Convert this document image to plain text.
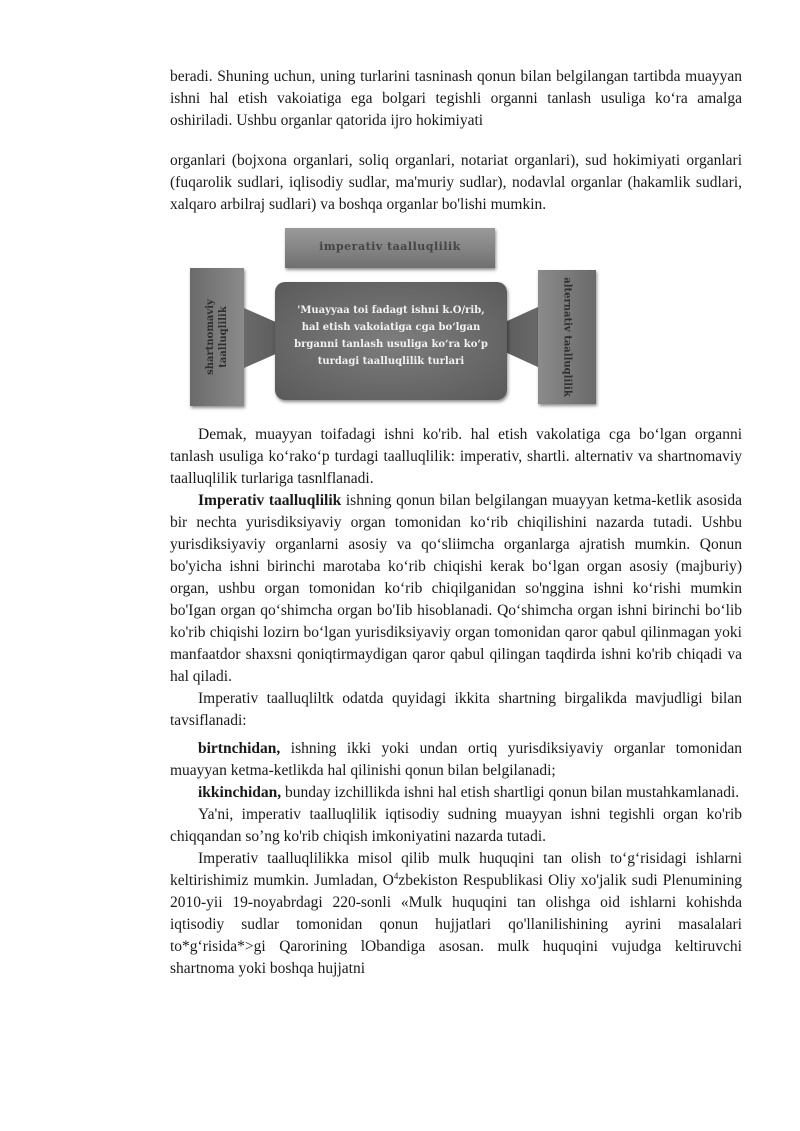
beradi. Shuning uchun, uning turlarini tasninash qonun bilan belgilangan tartibda muayyan ishni hal etish vakoiatiga ega bolgari tegishli organni tanlash usuliga ko‘ra amalga oshiriladi. Ushbu organlar qatorida ijro hokimiyati

organlari (bojxona organlari, soliq organlari, notariat organlari), sud hokimiyati organlari (fuqarolik sudlari, iqlisodiy sudlar, ma'muriy sudlar), nodavlal organlar (hakamlik sudlari, xalqaro arbilraj sudlari) va boshqa organlar bo'lishi mumkin.

imperativ taalluqlilik
shartnomaviy taalluqlilik	alternativ taalluqlilik
'Muayyaa toi fadagt ishni k.O/rib, hal etish vakoiatiga cga bo‘lgan brganni tanlash usuliga ko‘ra ko‘p turdagi taalluqlilik turlari

Demak, muayyan toifadagi ishni ko'rib. hal etish vakolatiga cga bo‘lgan organni tanlash usuliga ko‘rako‘p turdagi taalluqlilik: imperativ, shartli. alternativ va shartnomaviy taalluqlilik turlariga tasnlflanadi.

Imperativ taalluqlilik ishning qonun bilan belgilangan muayyan ketma-ketlik asosida bir nechta yurisdiksiyaviy organ tomonidan ko‘rib chiqilishini nazarda tutadi. Ushbu yurisdiksiyaviy organlarni asosiy va qo‘sliimcha organlarga ajratish mumkin. Qonun bo'yicha ishni birinchi marotaba ko‘rib chiqishi kerak bo‘lgan organ asosiy (majburiy) organ, ushbu organ tomonidan ko‘rib chiqilganidan so'nggina ishni ko‘rishi mumkin bo'Igan organ qo‘shimcha organ bo'Iib hisoblanadi. Qo‘shimcha organ ishni birinchi bo‘lib ko'rib chiqishi lozirn bo‘lgan yurisdiksiyaviy organ tomonidan qaror qabul qilinmagan yoki manfaatdor shaxsni qoniqtirmaydigan qaror qabul qilingan taqdirda ishni ko'rib chiqadi va hal qiladi.

Imperativ taalluqliltk odatda quyidagi ikkita shartning birgalikda mavjudligi bilan tavsiflanadi:

birtnchidan, ishning ikki yoki undan ortiq yurisdiksiyaviy organlar tomonidan muayyan ketma-ketlikda hal qilinishi qonun bilan belgilanadi;

ikkinchidan, bunday izchillikda ishni hal etish shartligi qonun bilan mustahkamlanadi.

Ya'ni, imperativ taalluqlilik iqtisodiy sudning muayyan ishni tegishli organ ko'rib chiqqandan so’ng ko'rib chiqish imkoniyatini nazarda tutadi.

Imperativ taalluqlilikka misol qilib mulk huquqini tan olish to‘g‘risidagi ishlarni keltirishimiz mumkin. Jumladan, $O^4zbekiston$ Respublikasi Oliy xo'jalik sudi Plenumining 2010-yii 19-noyabrdagi 220-sonli «Mulk huquqini tan olishga oid ishlarni kohishda iqtisodiy sudlar tomonidan qonun hujjatlari qo'llanilishining ayrini masalalari to*g‘risida*>gi Qarorining lObandiga asosan. mulk huquqini vujudga keltiruvchi shartnoma yoki boshqa hujjatni
